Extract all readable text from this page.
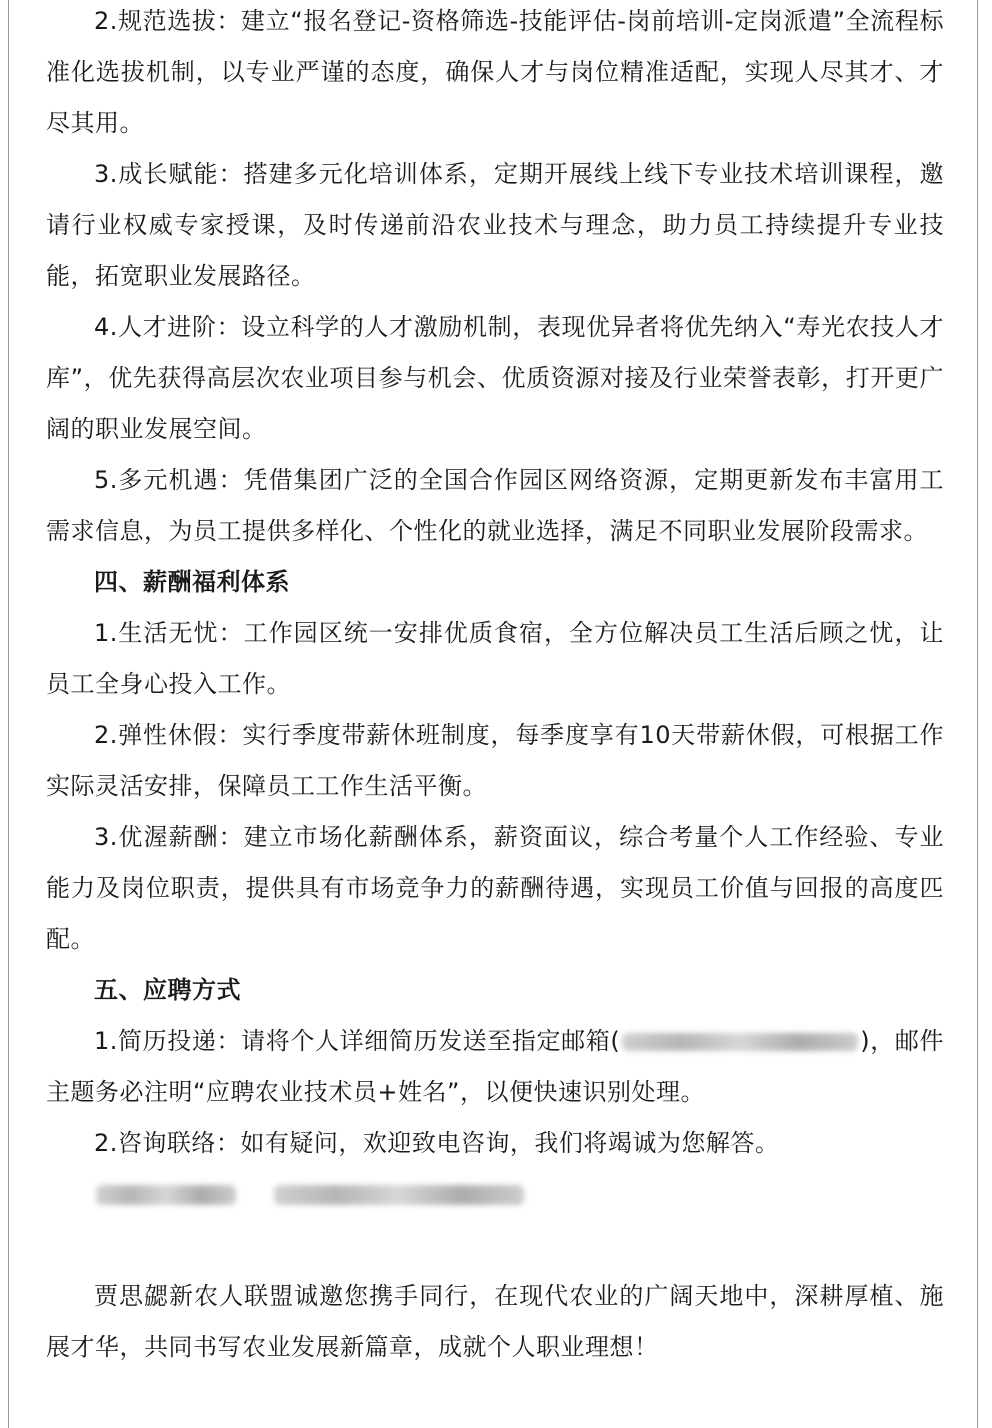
2.规范选拔：建立“报名登记-资格筛选-技能评估-岗前培训-定岗派遣”全流程标准化选拔机制，以专业严谨的态度，确保人才与岗位精准适配，实现人尽其才、才尽其用。

3.成长赋能：搭建多元化培训体系，定期开展线上线下专业技术培训课程，邀请行业权威专家授课，及时传递前沿农业技术与理念，助力员工持续提升专业技能，拓宽职业发展路径。

4.人才进阶：设立科学的人才激励机制，表现优异者将优先纳入“寿光农技人才库”，优先获得高层次农业项目参与机会、优质资源对接及行业荣誉表彰，打开更广阔的职业发展空间。

5.多元机遇：凭借集团广泛的全国合作园区网络资源，定期更新发布丰富用工需求信息，为员工提供多样化、个性化的就业选择，满足不同职业发展阶段需求。

四、薪酬福利体系

1.生活无忧：工作园区统一安排优质食宿，全方位解决员工生活后顾之忧，让员工全身心投入工作。

2.弹性休假：实行季度带薪休班制度，每季度享有10天带薪休假，可根据工作实际灵活安排，保障员工工作生活平衡。

3.优渥薪酬：建立市场化薪酬体系，薪资面议，综合考量个人工作经验、专业能力及岗位职责，提供具有市场竞争力的薪酬待遇，实现员工价值与回报的高度匹配。

五、应聘方式

1.简历投递：请将个人详细简历发送至指定邮箱(	)，邮件主题务必注明“应聘农业技术员+姓名”，以便快速识别处理。

2.咨询联络：如有疑问，欢迎致电咨询，我们将竭诚为您解答。

贾思勰新农人联盟诚邀您携手同行，在现代农业的广阔天地中，深耕厚植、施展才华，共同书写农业发展新篇章，成就个人职业理想！
